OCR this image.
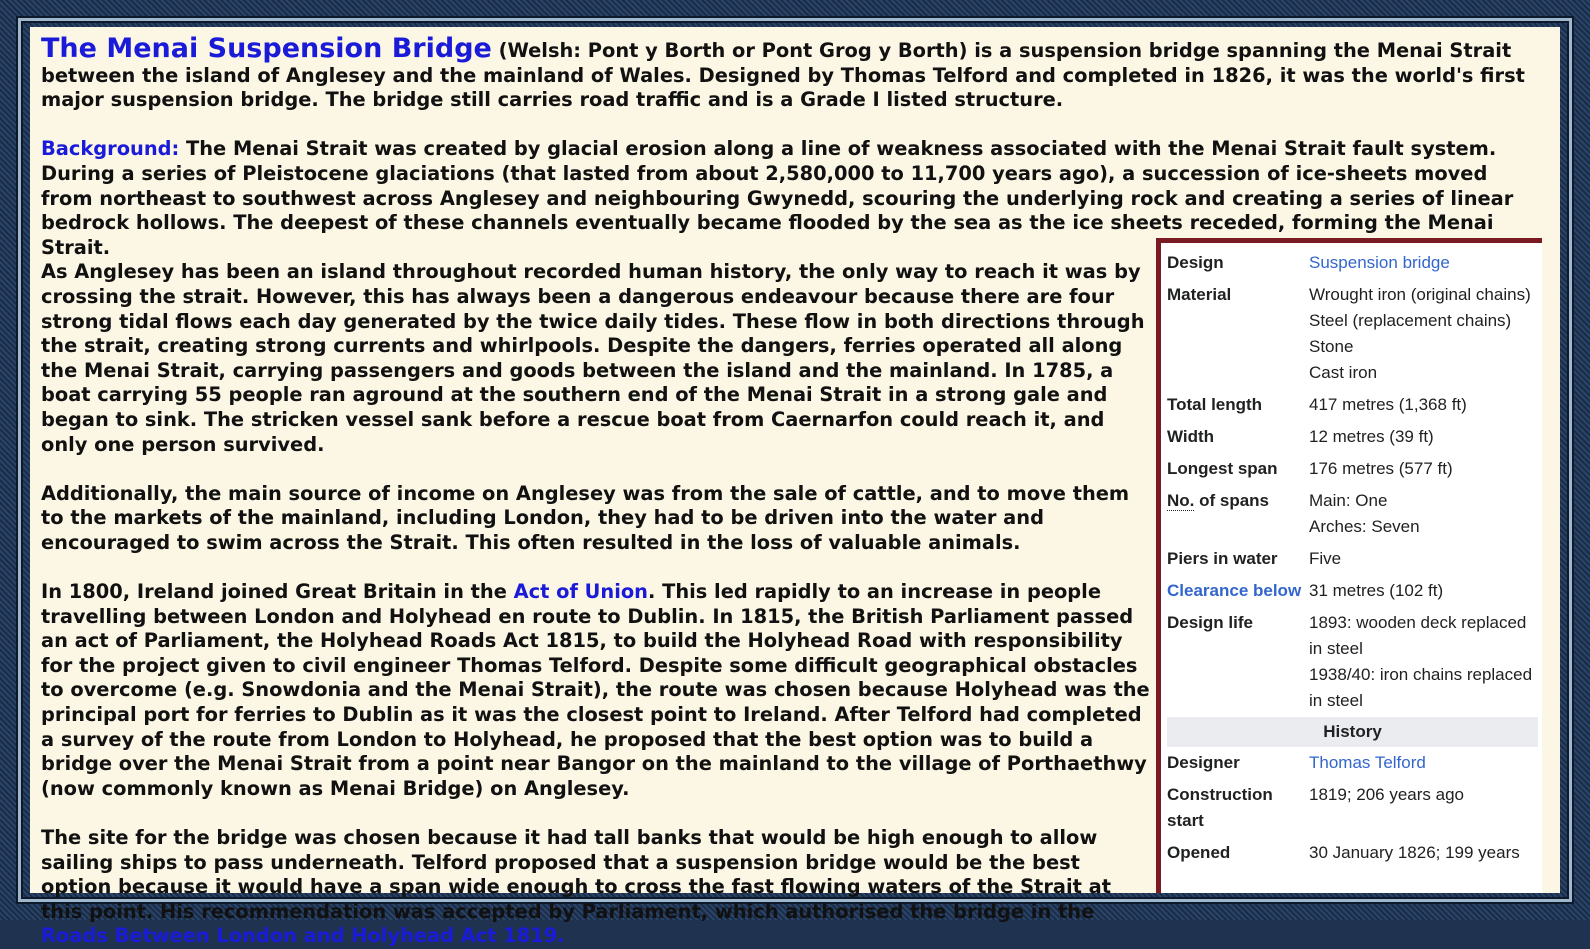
The Menai Suspension Bridge (Welsh: Pont y Borth or Pont Grog y Borth) is a suspension bridge spanning the Menai Strait between the island of Anglesey and the mainland of Wales. Designed by Thomas Telford and completed in 1826, it was the world's first major suspension bridge. The bridge still carries road traffic and is a Grade I listed structure.

Background: The Menai Strait was created by glacial erosion along a line of weakness associated with the Menai Strait fault system. During a series of Pleistocene glaciations (that lasted from about 2,580,000 to 11,700 years ago), a succession of ice-sheets moved from northeast to southwest across Anglesey and neighbouring Gwynedd, scouring the underlying rock and creating a series of linear bedrock hollows. The deepest of these channels eventually became flooded by the sea as the ice sheets receded, forming the Menai Strait.

As Anglesey has been an island throughout recorded human history, the only way to reach it was by crossing the strait. However, this has always been a dangerous endeavour because there are four strong tidal flows each day generated by the twice daily tides. These flow in both directions through the strait, creating strong currents and whirlpools. Despite the dangers, ferries operated all along the Menai Strait, carrying passengers and goods between the island and the mainland. In 1785, a boat carrying 55 people ran aground at the southern end of the Menai Strait in a strong gale and began to sink. The stricken vessel sank before a rescue boat from Caernarfon could reach it, and only one person survived.

Additionally, the main source of income on Anglesey was from the sale of cattle, and to move them to the markets of the mainland, including London, they had to be driven into the water and encouraged to swim across the Strait. This often resulted in the loss of valuable animals.

In 1800, Ireland joined Great Britain in the Act of Union. This led rapidly to an increase in people travelling between London and Holyhead en route to Dublin. In 1815, the British Parliament passed an act of Parliament, the Holyhead Roads Act 1815, to build the Holyhead Road with responsibility for the project given to civil engineer Thomas Telford. Despite some difficult geographical obstacles to overcome (e.g. Snowdonia and the Menai Strait), the route was chosen because Holyhead was the principal port for ferries to Dublin as it was the closest point to Ireland. After Telford had completed a survey of the route from London to Holyhead, he proposed that the best option was to build a bridge over the Menai Strait from a point near Bangor on the mainland to the village of Porthaethwy (now commonly known as Menai Bridge) on Anglesey.

The site for the bridge was chosen because it had tall banks that would be high enough to allow sailing ships to pass underneath. Telford proposed that a suspension bridge would be the best option because it would have a span wide enough to cross the fast flowing waters of the Strait at this point. His recommendation was accepted by Parliament, which authorised the bridge in the Roads Between London and Holyhead Act 1819.

Design	Suspension bridge
Material	Wrought iron (original chains)
Steel (replacement chains)
Stone
Cast iron

Total length	417 metres (1,368 ft)
Width	12 metres (39 ft)
Longest span	176 metres (577 ft)
No. of spans	Main: One
Arches: Seven

Piers in water	Five
Clearance below	31 metres (102 ft)
Design life	1893: wooden deck replaced in steel
1938/40: iron chains replaced in steel

History	
Designer	Thomas Telford
Construction start	1819; 206 years ago
Opened	30 January 1826; 199 years
